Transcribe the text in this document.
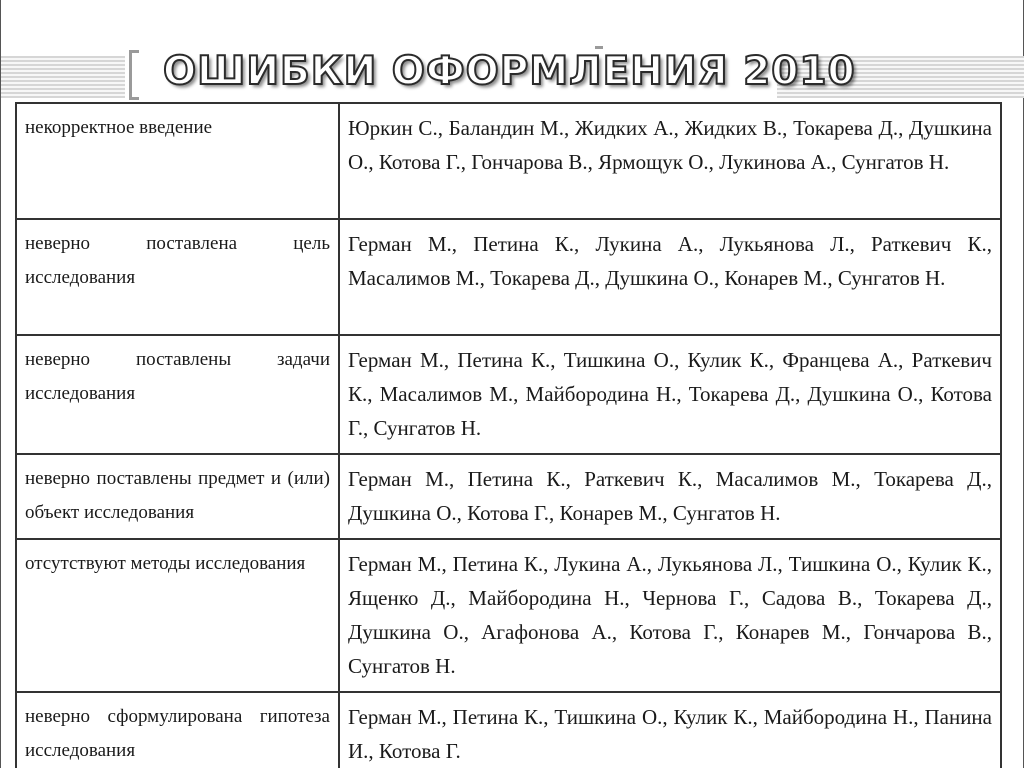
ОШИБКИ ОФОРМЛЕНИЯ 2010
некорректное введение	Юркин С., Баландин М., Жидких А., Жидких В., Токарева Д., Душкина О., Котова Г., Гончарова В., Ярмощук О., Лукинова А., Сунгатов Н.
неверно поставлена цель исследования	Герман М., Петина К., Лукина А., Лукьянова Л., Раткевич К., Масалимов М., Токарева Д., Душкина О., Конарев М., Сунгатов Н.
неверно поставлены задачи исследования	Герман М., Петина К., Тишкина О., Кулик К., Францева А., Раткевич К., Масалимов М., Майбородина Н., Токарева Д., Душкина О., Котова Г., Сунгатов Н.
неверно поставлены предмет и (или) объект исследования	Герман М., Петина К., Раткевич К., Масалимов М., Токарева Д., Душкина О., Котова Г., Конарев М., Сунгатов Н.
отсутствуют методы исследования	Герман М., Петина К., Лукина А., Лукьянова Л., Тишкина О., Кулик К., Ященко Д., Майбородина Н., Чернова Г., Садова В., Токарева Д., Душкина О., Агафонова А., Котова Г., Конарев М., Гончарова В., Сунгатов Н.
неверно сформулирована гипотеза исследования	Герман М., Петина К., Тишкина О., Кулик К., Майбородина Н., Панина И., Котова Г.
